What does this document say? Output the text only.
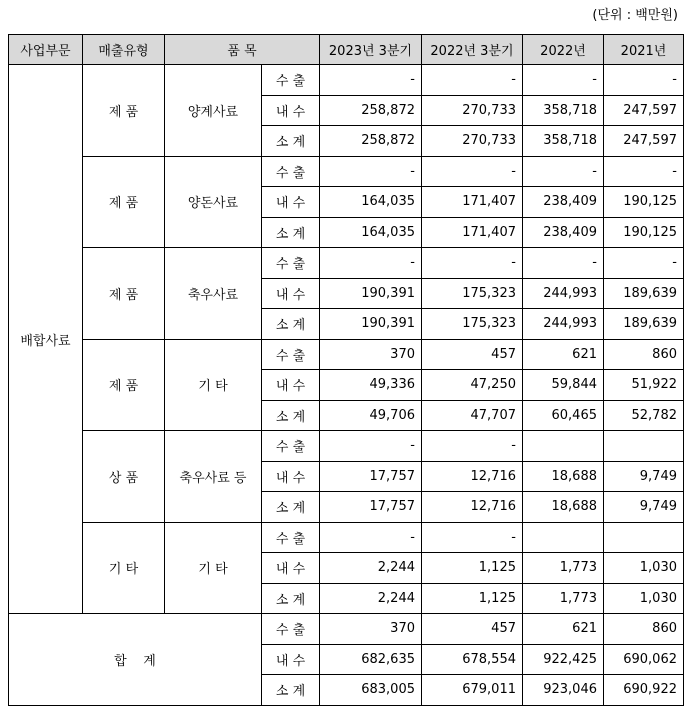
(단위 : 백만원)
사업부문	매출유형	품 목		2023년 3분기	2022년 3분기	2022년	2021년
배합사료	제 품	양계사료	수 출	-	-	-	-
			내 수	258,872	270,733	358,718	247,597
			소 계	258,872	270,733	358,718	247,597
	제 품	양돈사료	수 출	-	-	-	-
			내 수	164,035	171,407	238,409	190,125
			소 계	164,035	171,407	238,409	190,125
	제 품	축우사료	수 출	-	-	-	-
			내 수	190,391	175,323	244,993	189,639
			소 계	190,391	175,323	244,993	189,639
	제 품	기 타	수 출	370	457	621	860
			내 수	49,336	47,250	59,844	51,922
			소 계	49,706	47,707	60,465	52,782
	상 품	축우사료 등	수 출	-	-		
			내 수	17,757	12,716	18,688	9,749
			소 계	17,757	12,716	18,688	9,749
	기 타	기 타	수 출	-	-		
			내 수	2,244	1,125	1,773	1,030
			소 계	2,244	1,125	1,773	1,030
합    계			수 출	370	457	621	860
			내 수	682,635	678,554	922,425	690,062
			소 계	683,005	679,011	923,046	690,922
